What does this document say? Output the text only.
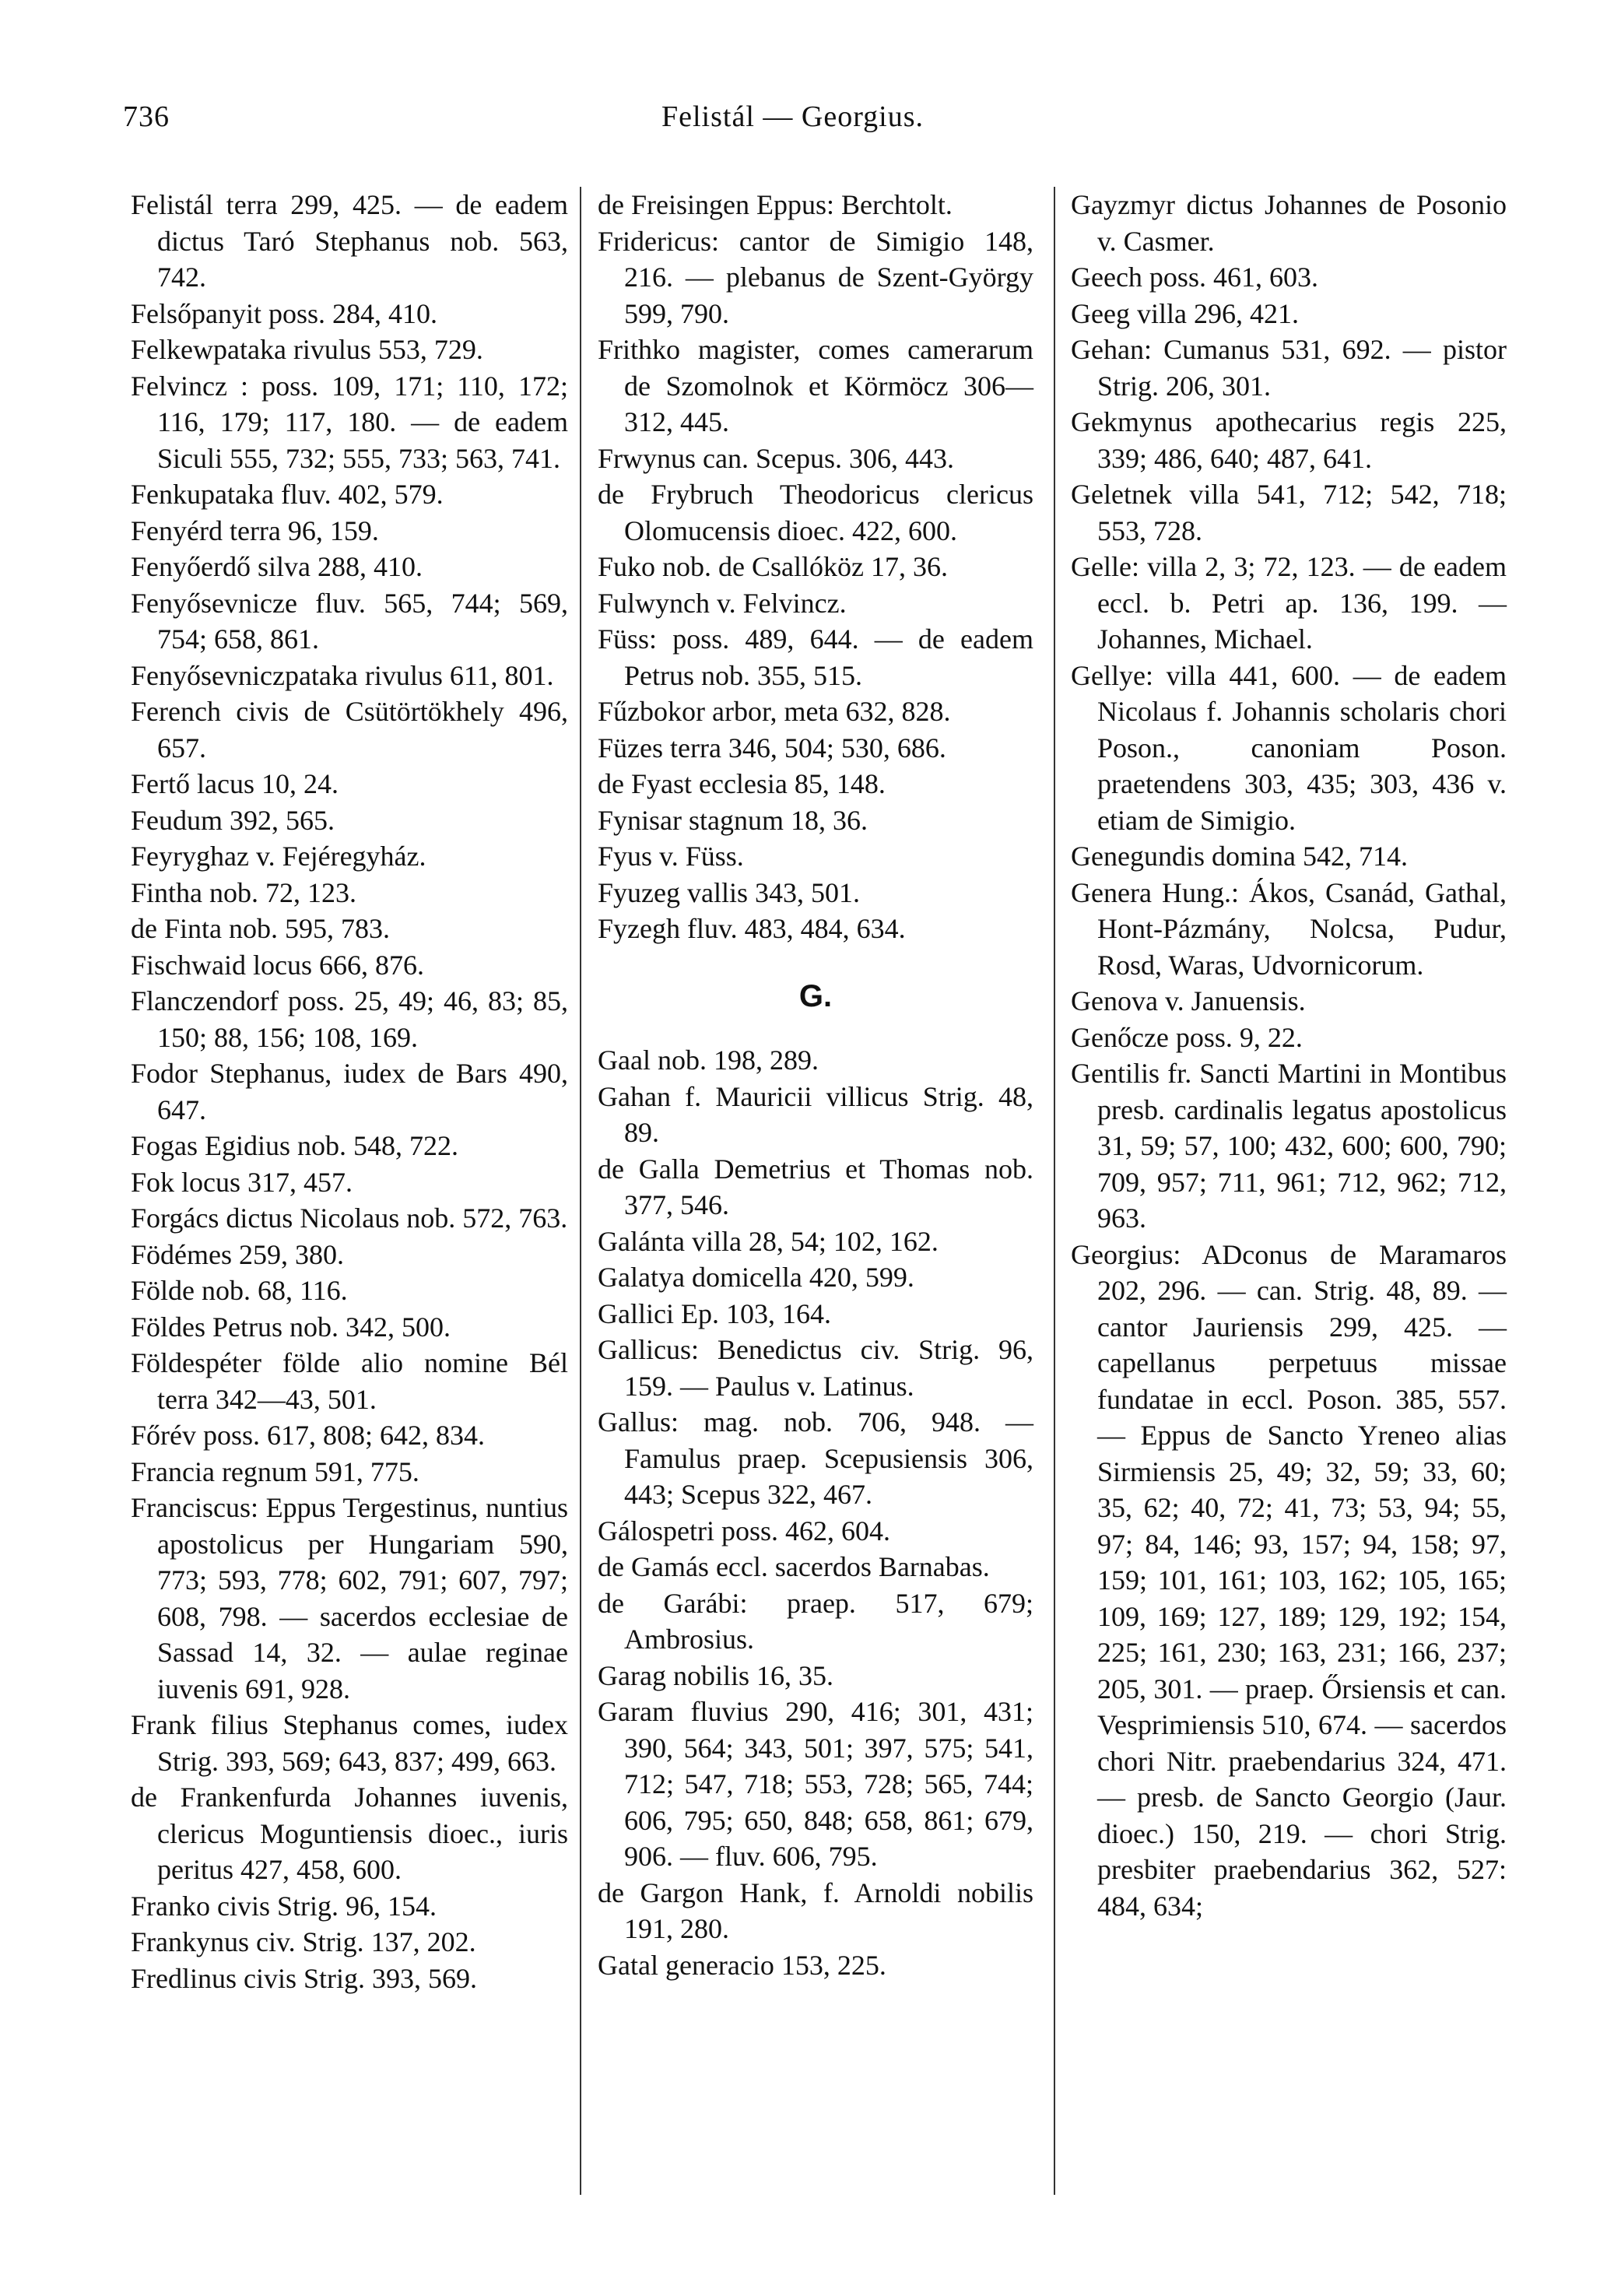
736	Felistál — Georgius.

Felistál terra 299, 425. — de eadem dictus Taró Stephanus nob. 563, 742.

Felsőpanyit poss. 284, 410.

Felkewpataka rivulus 553, 729.

Felvincz : poss. 109, 171; 110, 172; 116, 179; 117, 180. — de eadem Siculi 555, 732; 555, 733; 563, 741.

Fenkupataka fluv. 402, 579.

Fenyérd terra 96, 159.

Fenyőerdő silva 288, 410.

Fenyősevnicze fluv. 565, 744; 569, 754; 658, 861.

Fenyősevniczpataka rivulus 611, 801.

Ferench civis de Csütörtökhely 496, 657.

Fertő lacus 10, 24.

Feudum 392, 565.

Feyryghaz v. Fejéregyház.

Fintha nob. 72, 123.

de Finta nob. 595, 783.

Fischwaid locus 666, 876.

Flanczendorf poss. 25, 49; 46, 83; 85, 150; 88, 156; 108, 169.

Fodor Stephanus, iudex de Bars 490, 647.

Fogas Egidius nob. 548, 722.

Fok locus 317, 457.

Forgács dictus Nicolaus nob. 572, 763.

Födémes 259, 380.

Földe nob. 68, 116.

Földes Petrus nob. 342, 500.

Földespéter földe alio nomine Bél terra 342—43, 501.

Főrév poss. 617, 808; 642, 834.

Francia regnum 591, 775.

Franciscus: Eppus Tergestinus, nuntius apostolicus per Hungariam 590, 773; 593, 778; 602, 791; 607, 797; 608, 798. — sacerdos ecclesiae de Sassad 14, 32. — aulae reginae iuvenis 691, 928.

Frank filius Stephanus comes, iudex Strig. 393, 569; 643, 837; 499, 663.

de Frankenfurda Johannes iuvenis, clericus Moguntiensis dioec., iuris peritus 427, 458, 600.

Franko civis Strig. 96, 154.

Frankynus civ. Strig. 137, 202.

Fredlinus civis Strig. 393, 569.

de Freisingen Eppus: Berchtolt.

Fridericus: cantor de Simigio 148, 216. — plebanus de Szent-György 599, 790.

Frithko magister, comes camerarum de Szomolnok et Körmöcz 306—312, 445.

Frwynus can. Scepus. 306, 443.

de Frybruch Theodoricus clericus Olomucensis dioec. 422, 600.

Fuko nob. de Csallóköz 17, 36.

Fulwynch v. Felvincz.

Füss: poss. 489, 644. — de eadem Petrus nob. 355, 515.

Fűzbokor arbor, meta 632, 828.

Füzes terra 346, 504; 530, 686.

de Fyast ecclesia 85, 148.

Fynisar stagnum 18, 36.

Fyus v. Füss.

Fyuzeg vallis 343, 501.

Fyzegh fluv. 483, 484, 634.

G.

Gaal nob. 198, 289.

Gahan f. Mauricii villicus Strig. 48, 89.

de Galla Demetrius et Thomas nob. 377, 546.

Galánta villa 28, 54; 102, 162.

Galatya domicella 420, 599.

Gallici Ep. 103, 164.

Gallicus: Benedictus civ. Strig. 96, 159. — Paulus v. Latinus.

Gallus: mag. nob. 706, 948. — Famulus praep. Scepusiensis 306, 443; Scepus 322, 467.

Gálospetri poss. 462, 604.

de Gamás eccl. sacerdos Barnabas.

de Garábi: praep. 517, 679; Ambrosius.

Garag nobilis 16, 35.

Garam fluvius 290, 416; 301, 431; 390, 564; 343, 501; 397, 575; 541, 712; 547, 718; 553, 728; 565, 744; 606, 795; 650, 848; 658, 861; 679, 906. — fluv. 606, 795.

de Gargon Hank, f. Arnoldi nobilis 191, 280.

Gatal generacio 153, 225.

Gayzmyr dictus Johannes de Posonio v. Casmer.

Geech poss. 461, 603.

Geeg villa 296, 421.

Gehan: Cumanus 531, 692. — pistor Strig. 206, 301.

Gekmynus apothecarius regis 225, 339; 486, 640; 487, 641.

Geletnek villa 541, 712; 542, 718; 553, 728.

Gelle: villa 2, 3; 72, 123. — de eadem eccl. b. Petri ap. 136, 199. — Johannes, Michael.

Gellye: villa 441, 600. — de eadem Nicolaus f. Johannis scholaris chori Poson., canoniam Poson. praetendens 303, 435; 303, 436 v. etiam de Simigio.

Genegundis domina 542, 714.

Genera Hung.: Ákos, Csanád, Gathal, Hont-Pázmány, Nolcsa, Pudur, Rosd, Waras, Udvornicorum.

Genova v. Januensis.

Genőcze poss. 9, 22.

Gentilis fr. Sancti Martini in Montibus presb. cardinalis legatus apostolicus 31, 59; 57, 100; 432, 600; 600, 790; 709, 957; 711, 961; 712, 962; 712, 963.

Georgius: ADconus de Maramaros 202, 296. — can. Strig. 48, 89. — cantor Jauriensis 299, 425. — capellanus perpetuus missae fundatae in eccl. Poson. 385, 557. — Eppus de Sancto Yreneo alias Sirmiensis 25, 49; 32, 59; 33, 60; 35, 62; 40, 72; 41, 73; 53, 94; 55, 97; 84, 146; 93, 157; 94, 158; 97, 159; 101, 161; 103, 162; 105, 165; 109, 169; 127, 189; 129, 192; 154, 225; 161, 230; 163, 231; 166, 237; 205, 301. — praep. Őrsiensis et can. Vesprimiensis 510, 674. — sacerdos chori Nitr. praebendarius 324, 471. — presb. de Sancto Georgio (Jaur. dioec.) 150, 219. — chori Strig. presbiter praebendarius 362, 527: 484, 634;
